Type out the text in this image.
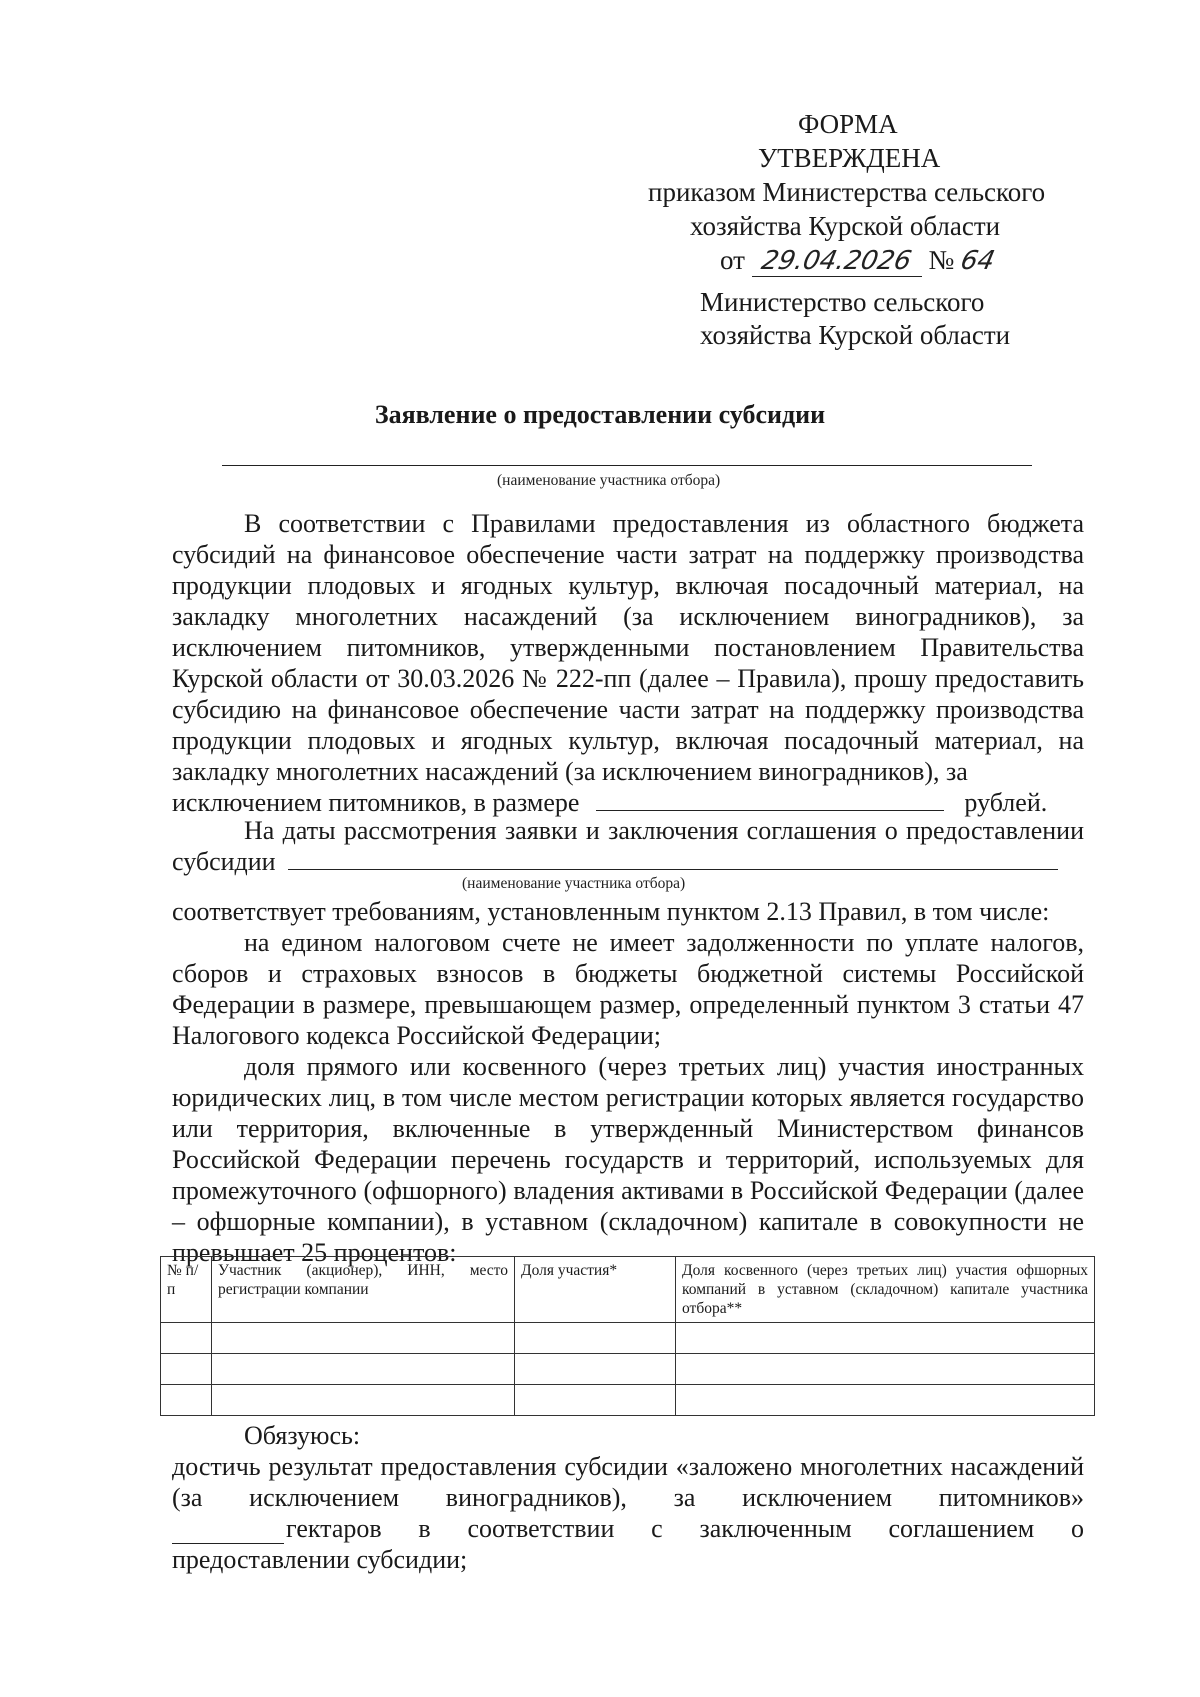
ФОРМА
УТВЕРЖДЕНА
приказом Министерства сельского
хозяйства Курской области
от 29.04.2026 № 64
Министерство сельского
хозяйства Курской области
Заявление о предоставлении субсидии
(наименование участника отбора)

В соответствии с Правилами предоставления из областного бюджета субсидий на финансовое обеспечение части затрат на поддержку производства продукции плодовых и ягодных культур, включая посадочный материал, на закладку многолетних насаждений (за исключением виноградников), за исключением питомников, утвержденными постановлением Правительства Курской области от 30.03.2026 № 222-пп (далее – Правила), прошу предоставить субсидию на финансовое обеспечение части затрат на поддержку производства продукции плодовых и ягодных культур, включая посадочный материал, на закладку многолетних насаждений (за исключением виноградников), за

исключением питомников, в размере	рублей.

На даты рассмотрения заявки и заключения соглашения о предоставлении

субсидии
(наименование участника отбора)

соответствует требованиям, установленным пунктом 2.13 Правил, в том числе:

на едином налоговом счете не имеет задолженности по уплате налогов, сборов и страховых взносов в бюджеты бюджетной системы Российской Федерации в размере, превышающем размер, определенный пунктом 3 статьи 47 Налогового кодекса Российской Федерации;

доля прямого или косвенного (через третьих лиц) участия иностранных юридических лиц, в том числе местом регистрации которых является государство или территория, включенные в утвержденный Министерством финансов Российской Федерации перечень государств и территорий, используемых для промежуточного (офшорного) владения активами в Российской Федерации (далее – офшорные компании), в уставном (складочном) капитале в совокупности не превышает 25 процентов:

№ п/п	Участник (акционер), ИНН, место регистрации компании	Доля участия*	Доля косвенного (через третьих лиц) участия офшорных компаний в уставном (складочном) капитале участника отбора**

Обязуюсь:

достичь результат предоставления субсидии «заложено многолетних насаждений (за исключением виноградников), за исключением питомников»

гектаров в соответствии с заключенным соглашением о

предоставлении субсидии;
